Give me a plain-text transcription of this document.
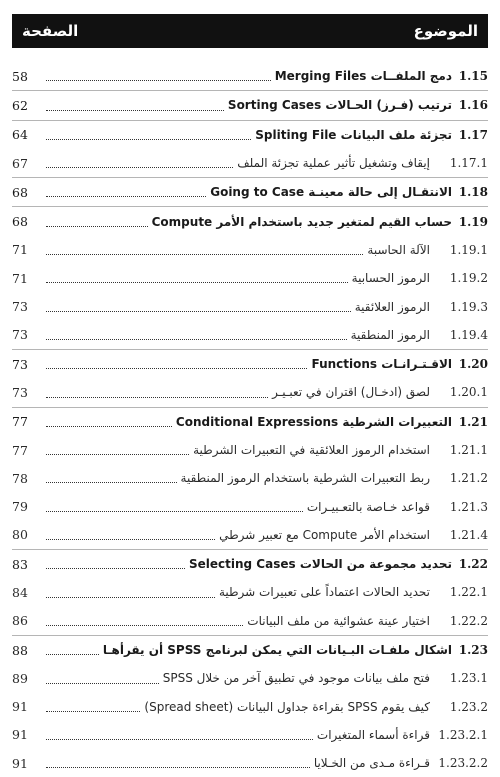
الصفحة	الموضوع
58	دمج الملفــات Merging Files 1.15
62	ترتيب (فـرز) الحـالات Sorting Cases 1.16
64	تجزئة ملف البيانات Spliting File 1.17
67	إيقاف وتشغيل تأثير عملية تجزئة الملف	1.17.1
68	الانتقـال إلى حالة معينـة Going to Case 1.18
68	حساب القيم لمتغير جديد باستخدام الأمر Compute 1.19
71	الآلة الحاسبة	1.19.1
71	الرموز الحسابية	1.19.2
73	الرموز العلائقية	1.19.3
73	الرموز المنطقية	1.19.4
73	الاقـتـرانـات Functions 1.20
73	لصق (ادخـال) اقتران في تعبـيـر	1.20.1
77	التعبيرات الشرطية Conditional Expressions 1.21
77	استخدام الرموز العلائقية في التعبيرات الشرطية	1.21.1
78	ربط التعبيرات الشرطية باستخدام الرموز المنطقية	1.21.2
79	قواعد خـاصة بالتعـبيـرات	1.21.3
80	استخدام الأمر Compute مع تعبير شرطي	1.21.4
83	تحديد مجموعة من الحالات Selecting Cases 1.22
84	تحديد الحالات اعتماداً على تعبيرات شرطية	1.22.1
86	اختيار عينة عشوائية من ملف البيانات	1.22.2
88	اشكال ملفـات البـيانات التي يمكن لبرنامج SPSS أن يقرأهـا 1.23
89	فتح ملف بيانات موجود في تطبيق آخر من خلال SPSS	1.23.1
91	كيف يقوم SPSS بقراءة جداول البيانات (Spread sheet)	1.23.2
91	قراءة أسماء المتغيرات 1.23.2.1
91	قـراءة مـدى من الخـلايا 1.23.2.2
